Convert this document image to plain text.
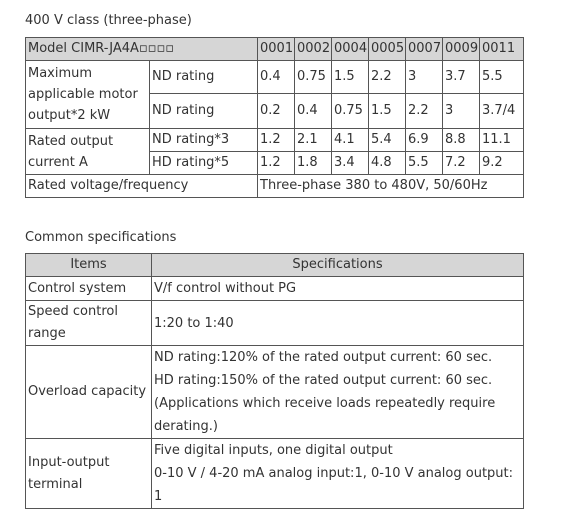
400 V class (three-phase)
Model CIMR-JA4A▫▫▫▫		0001	0002	0004	0005	0007	0009	0011
Maximum applicable motor output*2 kW	ND rating	0.4	0.75	1.5	2.2	3	3.7	5.5
	ND rating	0.2	0.4	0.75	1.5	2.2	3	3.7/4
Rated output current A	ND rating*3	1.2	2.1	4.1	5.4	6.9	8.8	11.1
	HD rating*5	1.2	1.8	3.4	4.8	5.5	7.2	9.2
Rated voltage/frequency		Three-phase 380 to 480V, 50/60Hz						
Common specifications
Items	Specifications
Control system	V/f control without PG

Speed control range	1:20 to 1:40

Overload capacity	ND rating:120% of the rated output current: 60 sec.
HD rating:150% of the rated output current: 60 sec.
(Applications which receive loads repeatedly require
derating.)

Input-output terminal	Five digital inputs, one digital output
0-10 V / 4-20 mA analog input:1, 0-10 V analog output: 1
